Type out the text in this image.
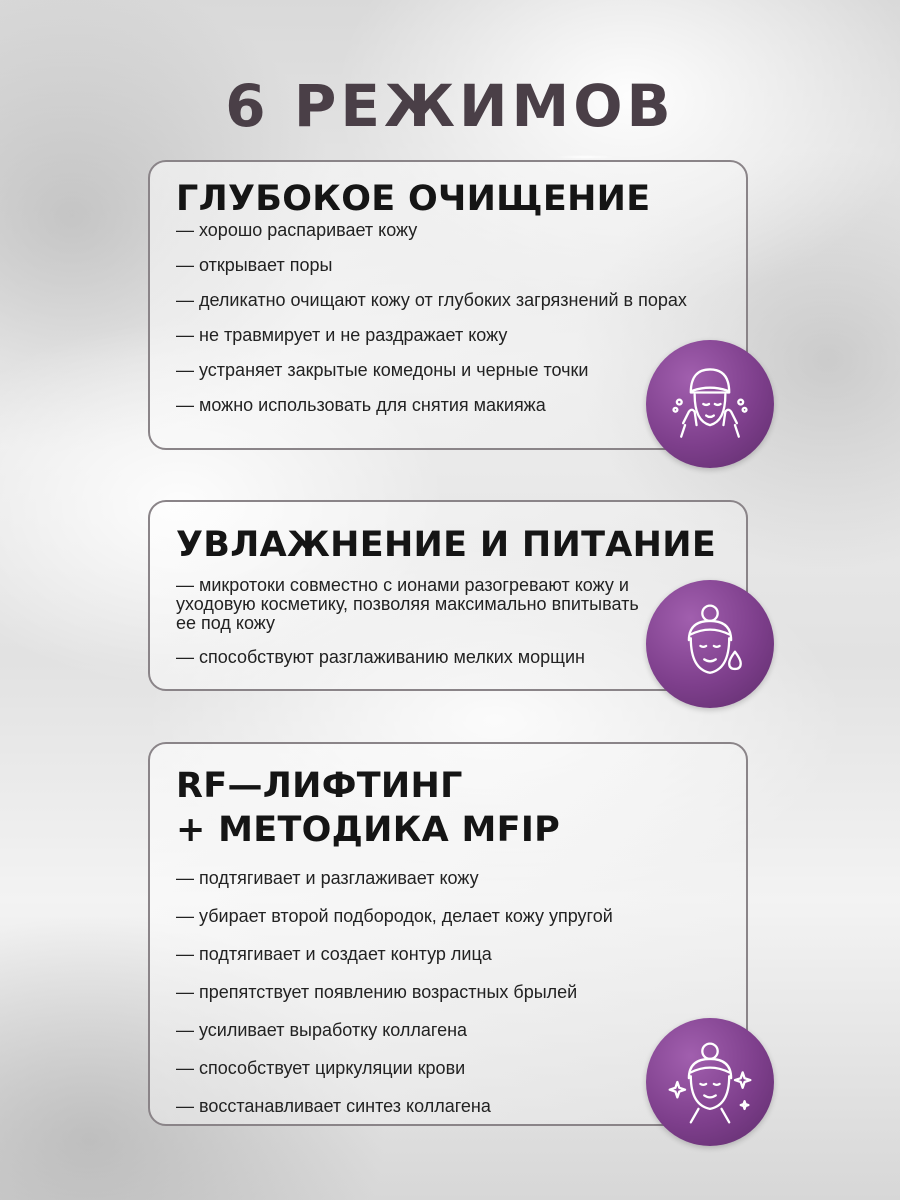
6 РЕЖИМОВ
ГЛУБОКОЕ ОЧИЩЕНИЕ
— хорошо распаривает кожу
— открывает поры
— деликатно очищают кожу от глубоких загрязнений в порах
— не травмирует и не раздражает кожу
— устраняет закрытые комедоны и черные точки
— можно использовать для снятия макияжа
УВЛАЖНЕНИЕ И ПИТАНИЕ
— микротоки совместно с ионами разогревают кожу и уходовую косметику, позволяя максимально впитывать ее под кожу
— способствуют разглаживанию мелких морщин
RF—ЛИФТИНГ
+ МЕТОДИКА MFIP
— подтягивает и разглаживает кожу
— убирает второй подбородок, делает кожу упругой
— подтягивает и создает контур лица
— препятствует появлению возрастных брылей
— усиливает выработку коллагена
— способствует циркуляции крови
— восстанавливает синтез коллагена
